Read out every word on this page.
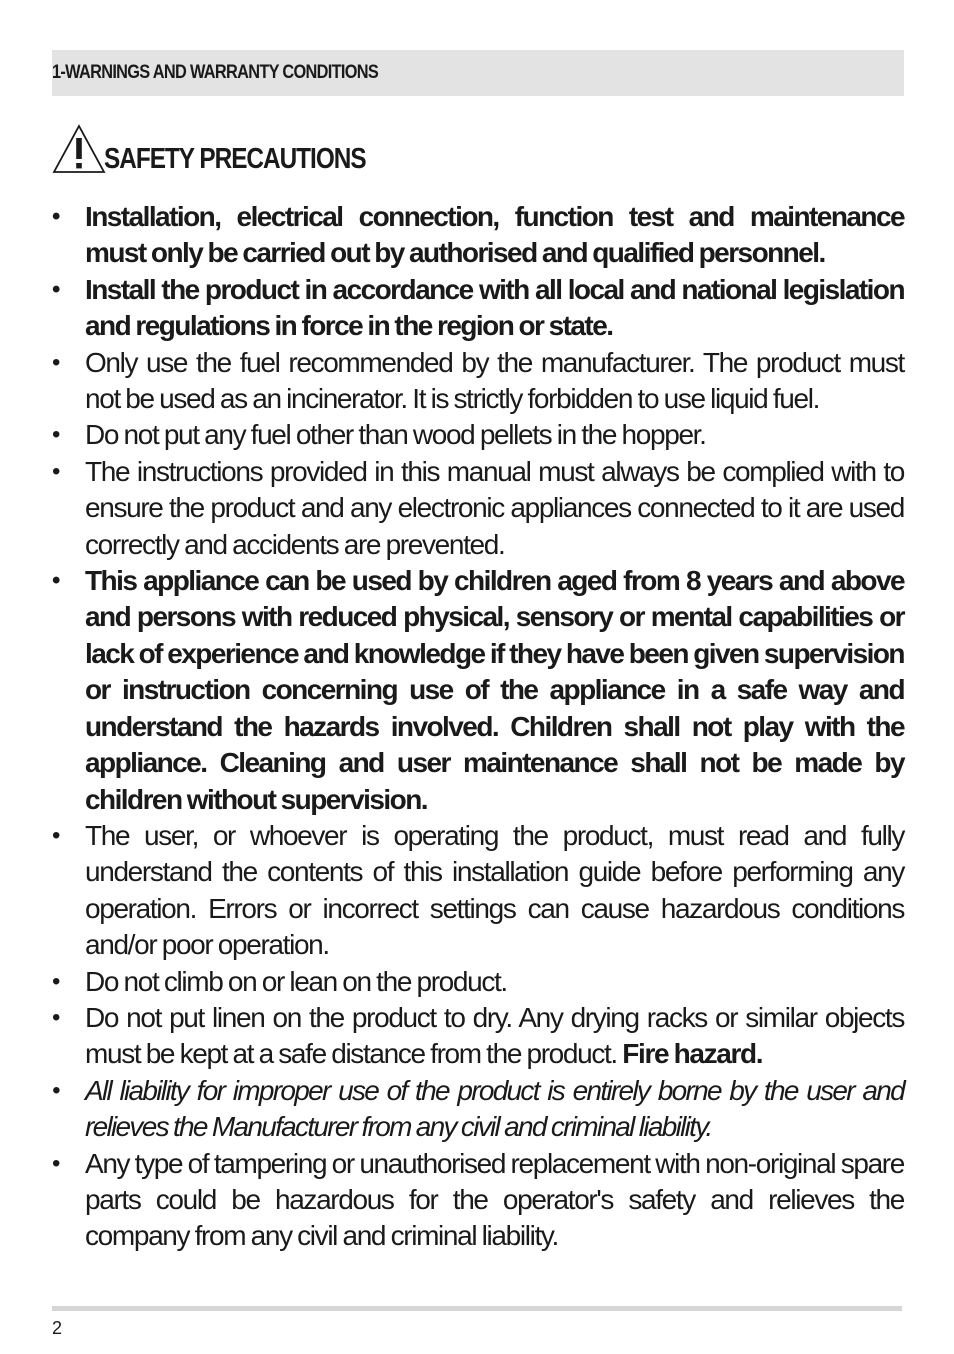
1-WARNINGS AND WARRANTY CONDITIONS
SAFETY PRECAUTIONS
• Installation, electrical connection, function test and maintenance must only be carried out by authorised and qualified personnel.
• Install the product in accordance with all local and national legislation and regulations in force in the region or state.
• Only use the fuel recommended by the manufacturer. The product must not be used as an incinerator. It is strictly forbidden to use liquid fuel.
• Do not put any fuel other than wood pellets in the hopper.
• The instructions provided in this manual must always be complied with to ensure the product and any electronic appliances connected to it are used correctly and accidents are prevented.
• This appliance can be used by children aged from 8 years and above and persons with reduced physical, sensory or mental capabilities or lack of experience and knowledge if they have been given supervision or instruction concerning use of the appliance in a safe way and understand the hazards involved. Children shall not play with the appliance. Cleaning and user maintenance shall not be made by children without supervision.
• The user, or whoever is operating the product, must read and fully understand the contents of this installation guide before performing any operation. Errors or incorrect settings can cause hazardous conditions and/or poor operation.
• Do not climb on or lean on the product.
• Do not put linen on the product to dry. Any drying racks or similar objects must be kept at a safe distance from the product. Fire hazard.
• All liability for improper use of the product is entirely borne by the user and relieves the Manufacturer from any civil and criminal liability.
• Any type of tampering or unauthorised replacement with non-original spare parts could be hazardous for the operator's safety and relieves the company from any civil and criminal liability.
2
